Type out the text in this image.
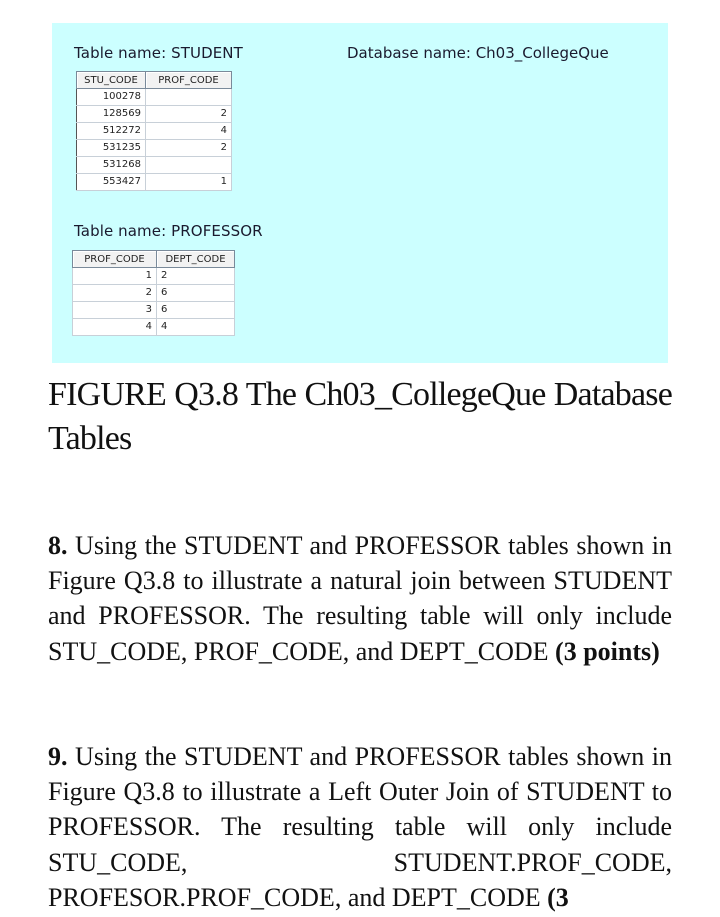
Table name: STUDENT	Database name: Ch03_CollegeQue
STU_CODE	PROF_CODE
100278	
128569	2
512272	4
531235	2
531268	
553427	1
Table name: PROFESSOR
PROF_CODE	DEPT_CODE
1	2
2	6
3	6
4	4
FIGURE Q3.8 The Ch03_CollegeQue Database Tables
8. Using the STUDENT and PROFESSOR tables shown in Figure Q3.8 to illustrate a natural join between STUDENT and PROFESSOR. The resulting table will only include STU_CODE, PROF_CODE, and DEPT_CODE (3 points)
9. Using the STUDENT and PROFESSOR tables shown in Figure Q3.8 to illustrate a Left Outer Join of STUDENT to PROFESSOR. The resulting table will only include STU_CODE, STUDENT.PROF_CODE, PROFESOR.PROF_CODE, and DEPT_CODE (3
